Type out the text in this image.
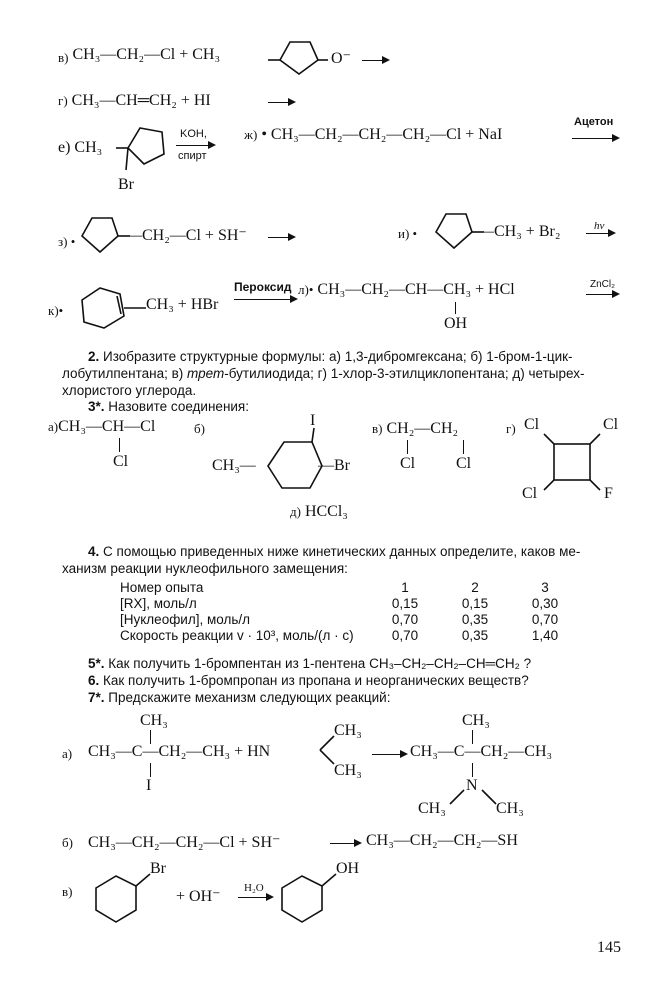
в) CH₃—CH₂—Cl + CH₃	O⁻ →
г) CH₃—CH═CH₂ + HI
е) CH₃
Br
KOH,
спирт
ж) • CH₃—CH₂—CH₂—CH₂—Cl + NaI
Ацетон
з) •	—CH₂—Cl + SH⁻ →	и) •	—CH₃ + Br₂	hv
к)•	CH₃ + HBr
Пероксид л)• CH₃—CH₂—CH—CH₃ + HCl
OH
ZnCl₂
2. Изобразите структурные формулы: а) 1,3-дибромгексана; б) 1-бром-1-цик-
лобутилпентана; в) трет-бутилиодида; г) 1-хлор-3-этилциклопентана; д) четырех-
хлористого углерода.
3*. Назовите соединения:
а)CH₃—CH—Cl
Cl
б)	I
CH₃—	—Br
в) CH₂—CH₂
Cl	Cl
г) Cl	Cl
Cl	F
д) HCCl₃
4. С помощью приведенных ниже кинетических данных определите, каков ме-
ханизм реакции нуклеофильного замещения:
Номер опыта	1	2	3
[RX], моль/л	0,15	0,15	0,30
[Нуклеофил], моль/л	0,70	0,35	0,70
Скорость реакции v · 10³, моль/(л · с)	0,70	0,35	1,40
5*. Как получить 1-бромпентан из 1-пентена CH₃–CH₂–CH₂–CH═CH₂ ?
6. Как получить 1-бромпропан из пропана и неорганических веществ?
7*. Предскажите механизм следующих реакций:
CH₃
а) CH₃—C—CH₂—CH₃ + HN
I
CH₃
CH₃
CH₃
CH₃—C—CH₂—CH₃
N
CH₃	CH₃
б) CH₃—CH₂—CH₂—Cl + SH⁻	→ CH₃—CH₂—CH₂—SH
в)
Br
+ OH⁻ H₂O
OH
145
